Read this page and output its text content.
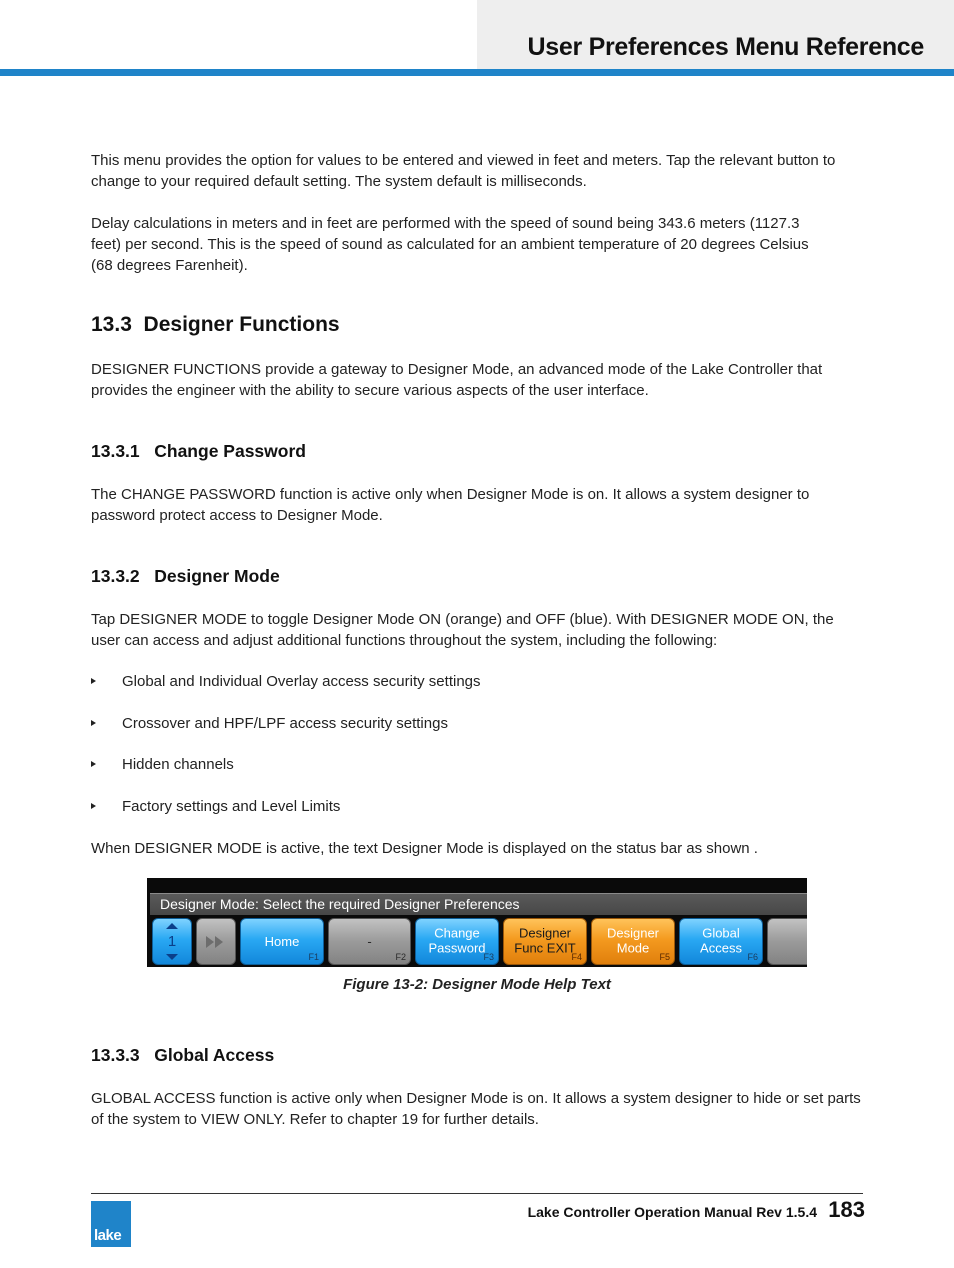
User Preferences Menu Reference

This menu provides the option for values to be entered and viewed in feet and meters. Tap the relevant button to change to your required default setting. The system default is milliseconds.

Delay calculations in meters and in feet are performed with the speed of sound being 343.6 meters (1127.3 feet) per second. This is the speed of sound as calculated for an ambient temperature of 20 degrees Celsius (68 degrees Farenheit).

13.3 Designer Functions

DESIGNER FUNCTIONS provide a gateway to Designer Mode, an advanced mode of the Lake Controller that provides the engineer with the ability to secure various aspects of the user interface.

13.3.1 Change Password

The CHANGE PASSWORD function is active only when Designer Mode is on. It allows a system designer to password protect access to Designer Mode.

13.3.2 Designer Mode

Tap DESIGNER MODE to toggle Designer Mode ON (orange) and OFF (blue). With DESIGNER MODE ON, the user can access and adjust additional functions throughout the system, including the following:

Global and Individual Overlay access security settings
Crossover and HPF/LPF access security settings
Hidden channels
Factory settings and Level Limits

When DESIGNER MODE is active, the text Designer Mode is displayed on the status bar as shown .

13.3.3 Global Access

GLOBAL ACCESS function is active only when Designer Mode is on. It allows a system designer to hide or set parts of the system to VIEW ONLY. Refer to chapter 19 for further details.

Designer Mode: Select the required Designer Preferences
1	Home
F1
-
F2
Change
Password
F3
Designer
Func EXIT
F4
Designer
Mode
F5
Global
Access
F6
Figure 13-2: Designer Mode Help Text
lake
Lake Controller Operation Manual Rev 1.5.4 183
